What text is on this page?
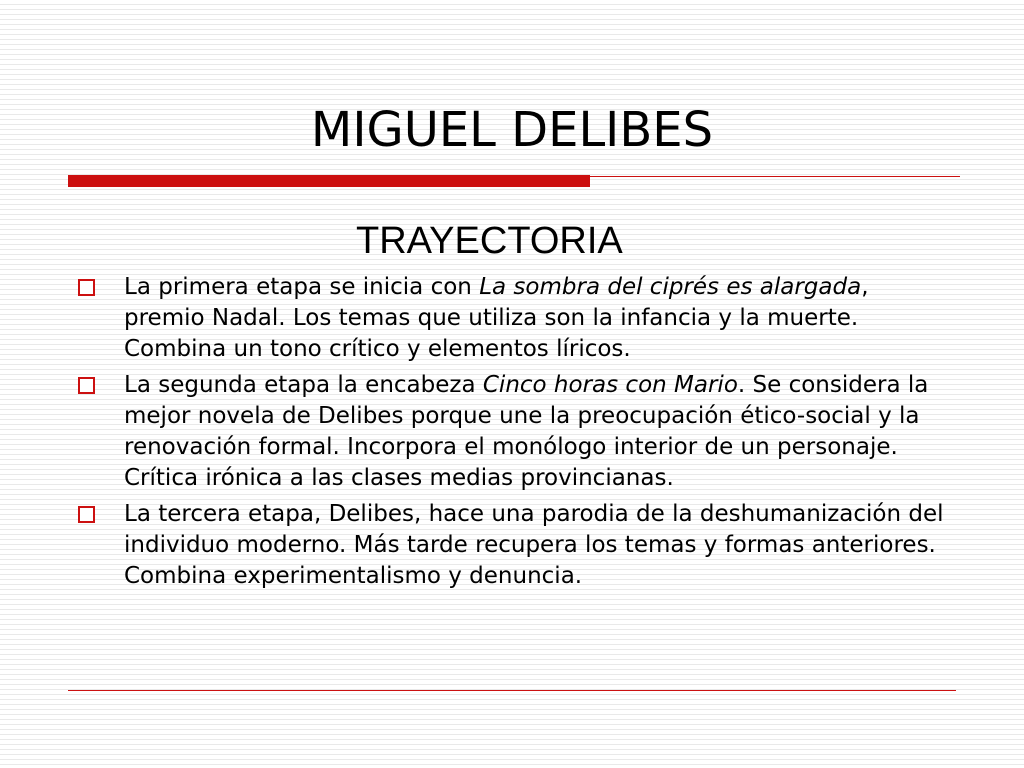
MIGUEL DELIBES
TRAYECTORIA
La primera etapa se inicia con La sombra del ciprés es alargada, premio Nadal. Los temas que utiliza son la infancia y la muerte. Combina un tono crítico y elementos líricos.
La segunda etapa la encabeza Cinco horas con Mario. Se considera la mejor novela de Delibes porque une la preocupación ético-social y la renovación formal. Incorpora el monólogo interior de un personaje. Crítica irónica a las clases medias provincianas.
La tercera etapa, Delibes, hace una parodia de la deshumanización del individuo moderno. Más tarde recupera los temas y formas anteriores. Combina experimentalismo y denuncia.
